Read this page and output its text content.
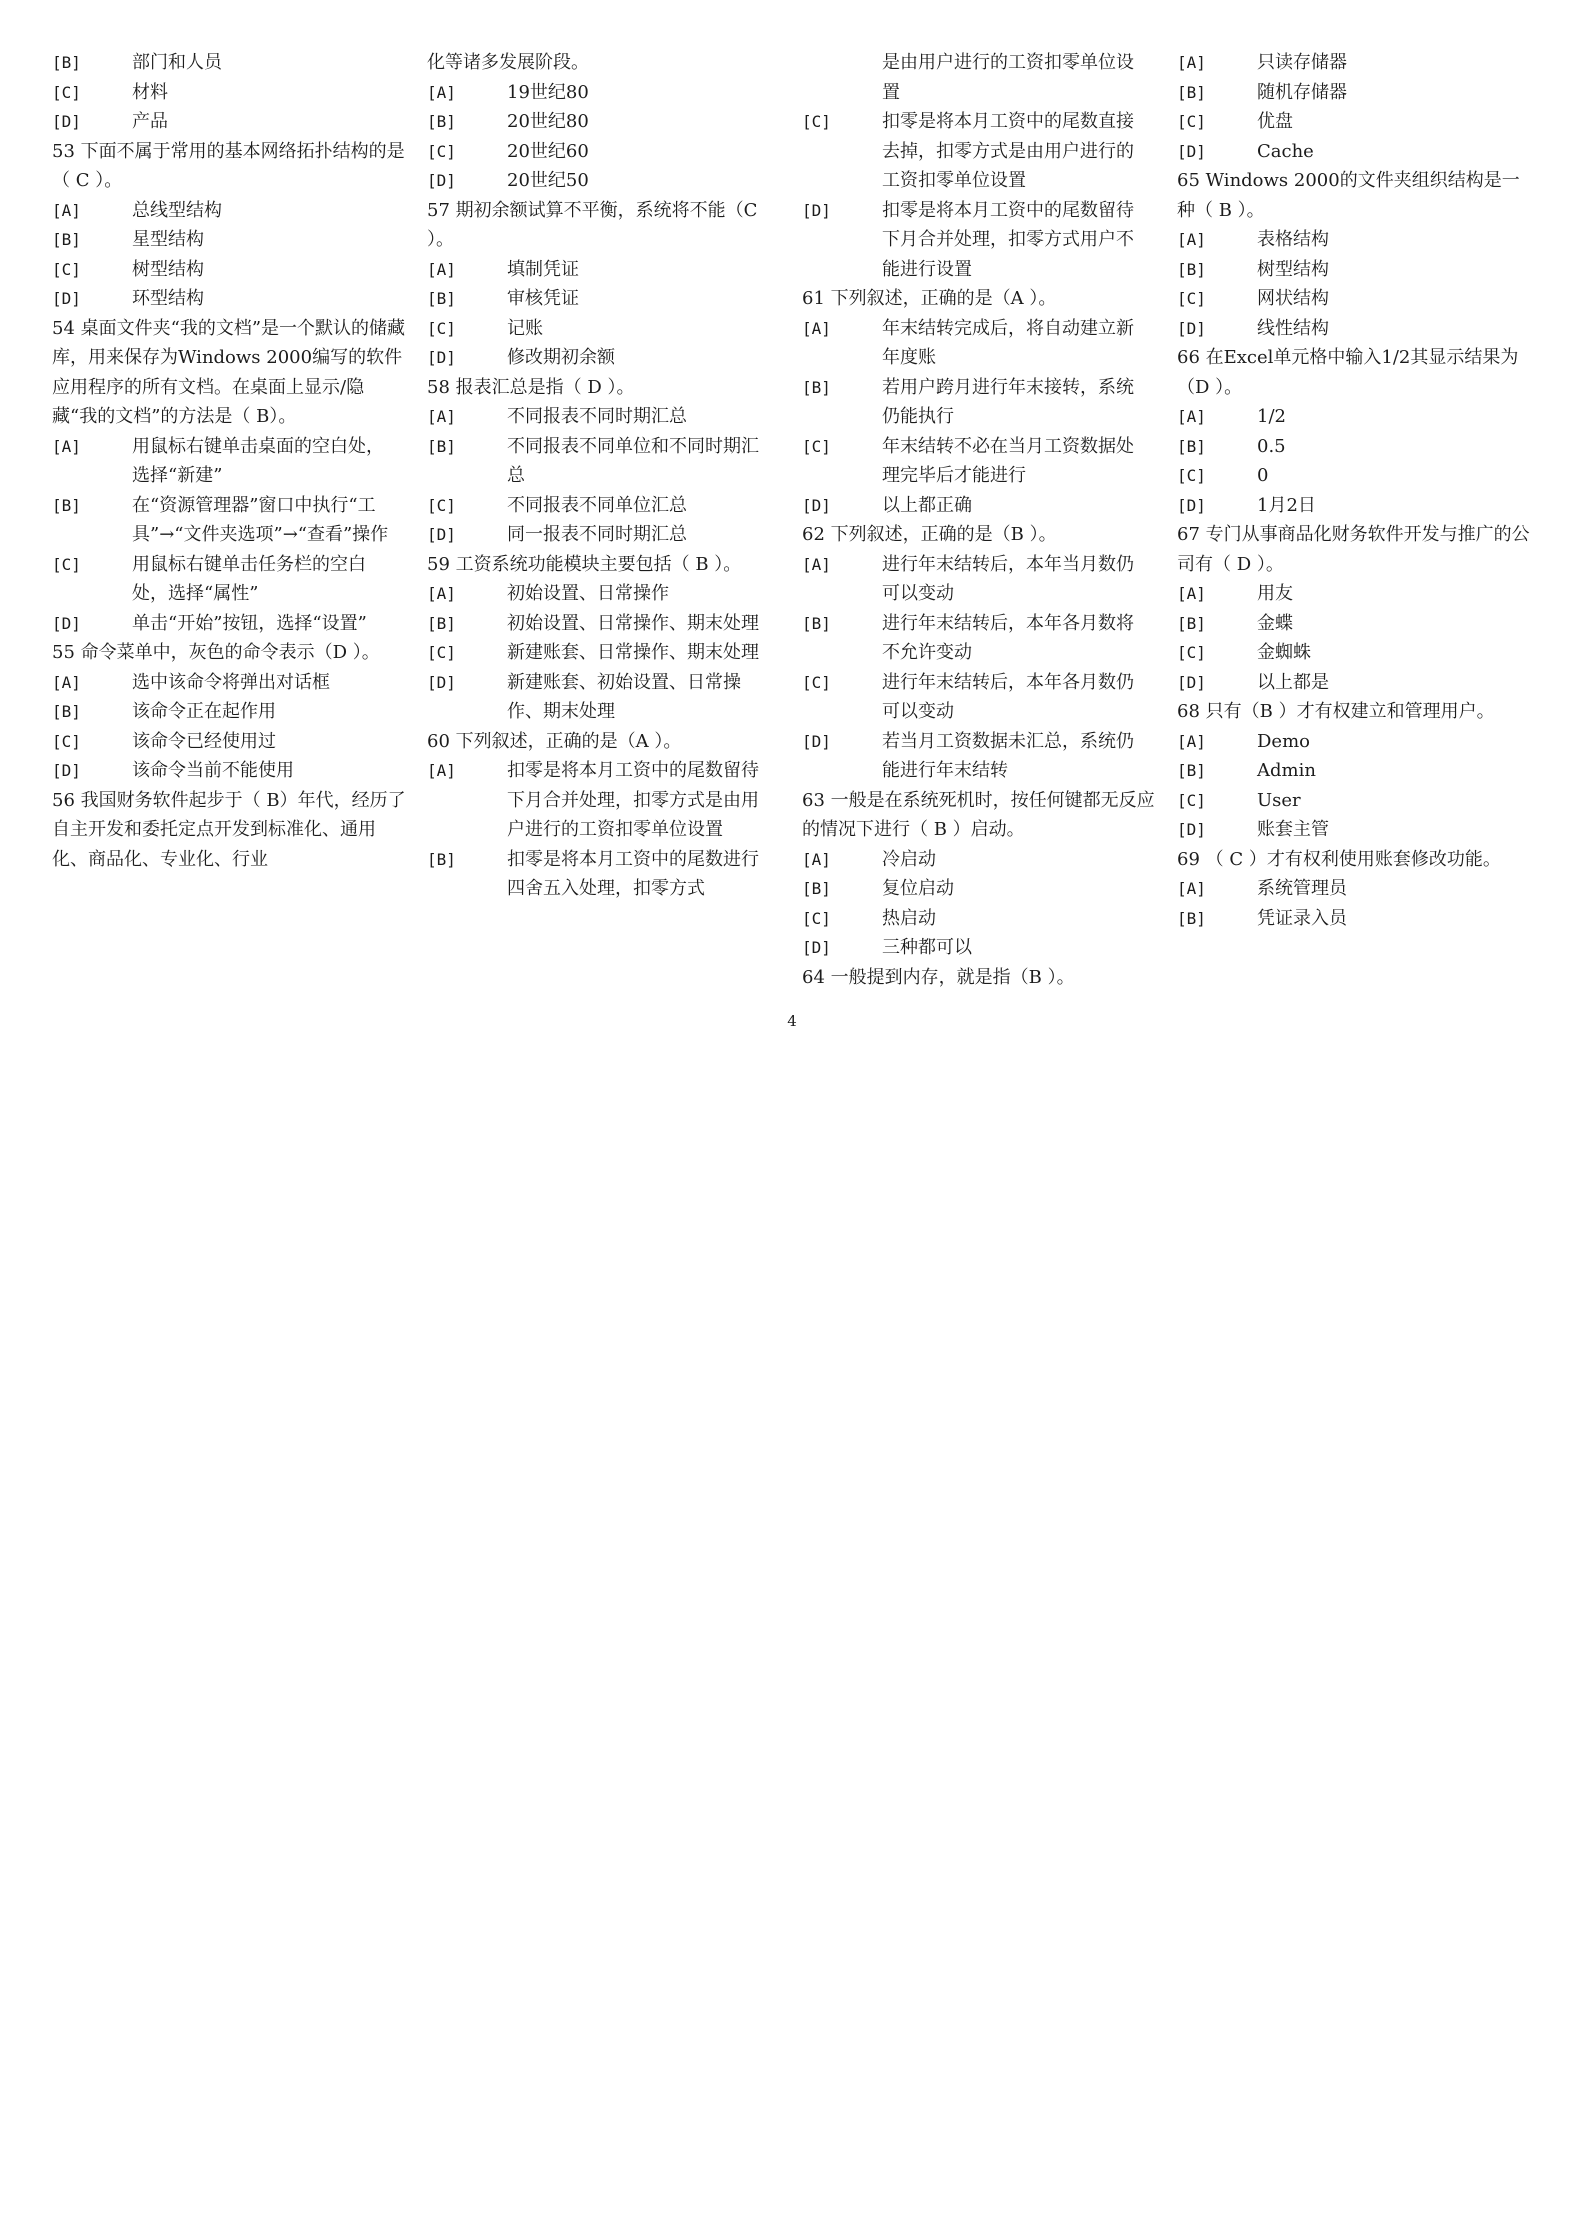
[B]	部门和人员
[C]	材料
[D]	产品
53 下面不属于常用的基本网络拓扑结构的是（ C ）。
[A]	总线型结构
[B]	星型结构
[C]	树型结构
[D]	环型结构
54 桌面文件夹“我的文档”是一个默认的储藏库，用来保存为Windows 2000编写的软件应用程序的所有文档。在桌面上显示/隐藏“我的文档”的方法是（ B）。
[A]	用鼠标右键单击桌面的空白处，选择“新建”
[B]	在“资源管理器”窗口中执行“工具”→“文件夹选项”→“查看”操作
[C]	用鼠标右键单击任务栏的空白处，选择“属性”
[D]	单击“开始”按钮，选择“设置”
55 命令菜单中，灰色的命令表示（D ）。
[A]	选中该命令将弹出对话框
[B]	该命令正在起作用
[C]	该命令已经使用过
[D]	该命令当前不能使用
56 我国财务软件起步于（ B）年代，经历了自主开发和委托定点开发到标准化、通用化、商品化、专业化、行业
化等诸多发展阶段。
[A]	19世纪80
[B]	20世纪80
[C]	20世纪60
[D]	20世纪50
57 期初余额试算不平衡，系统将不能（C ）。
[A]	填制凭证
[B]	审核凭证
[C]	记账
[D]	修改期初余额
58 报表汇总是指（ D ）。
[A]	不同报表不同时期汇总
[B]	不同报表不同单位和不同时期汇总
[C]	不同报表不同单位汇总
[D]	同一报表不同时期汇总
59 工资系统功能模块主要包括（ B ）。
[A]	初始设置、日常操作
[B]	初始设置、日常操作、期末处理
[C]	新建账套、日常操作、期末处理
[D]	新建账套、初始设置、日常操作、期末处理
60 下列叙述，正确的是（A ）。
[A]	扣零是将本月工资中的尾数留待下月合并处理，扣零方式是由用户进行的工资扣零单位设置
[B]	扣零是将本月工资中的尾数进行四舍五入处理，扣零方式
是由用户进行的工资扣零单位设置
[C]	扣零是将本月工资中的尾数直接去掉，扣零方式是由用户进行的工资扣零单位设置
[D]	扣零是将本月工资中的尾数留待下月合并处理，扣零方式用户不能进行设置
61 下列叙述，正确的是（A ）。
[A]	年末结转完成后，将自动建立新年度账
[B]	若用户跨月进行年末接转，系统仍能执行
[C]	年末结转不必在当月工资数据处理完毕后才能进行
[D]	以上都正确
62 下列叙述，正确的是（B ）。
[A]	进行年末结转后，本年当月数仍可以变动
[B]	进行年末结转后，本年各月数将不允许变动
[C]	进行年末结转后，本年各月数仍可以变动
[D]	若当月工资数据未汇总，系统仍能进行年末结转
63 一般是在系统死机时，按任何键都无反应的情况下进行（ B ）启动。
[A]	冷启动
[B]	复位启动
[C]	热启动
[D]	三种都可以
64 一般提到内存，就是指（B ）。
[A]	只读存储器
[B]	随机存储器
[C]	优盘
[D]	Cache
65 Windows 2000的文件夹组织结构是一种（ B ）。
[A]	表格结构
[B]	树型结构
[C]	网状结构
[D]	线性结构
66 在Excel单元格中输入1/2其显示结果为（D ）。
[A]	1/2
[B]	0.5
[C]	0
[D]	1月2日
67 专门从事商品化财务软件开发与推广的公司有（ D ）。
[A]	用友
[B]	金蝶
[C]	金蜘蛛
[D]	以上都是
68 只有（B ）才有权建立和管理用户。
[A]	Demo
[B]	Admin
[C]	User
[D]	账套主管
69 （ C ）才有权利使用账套修改功能。
[A]	系统管理员
[B]	凭证录入员
4
